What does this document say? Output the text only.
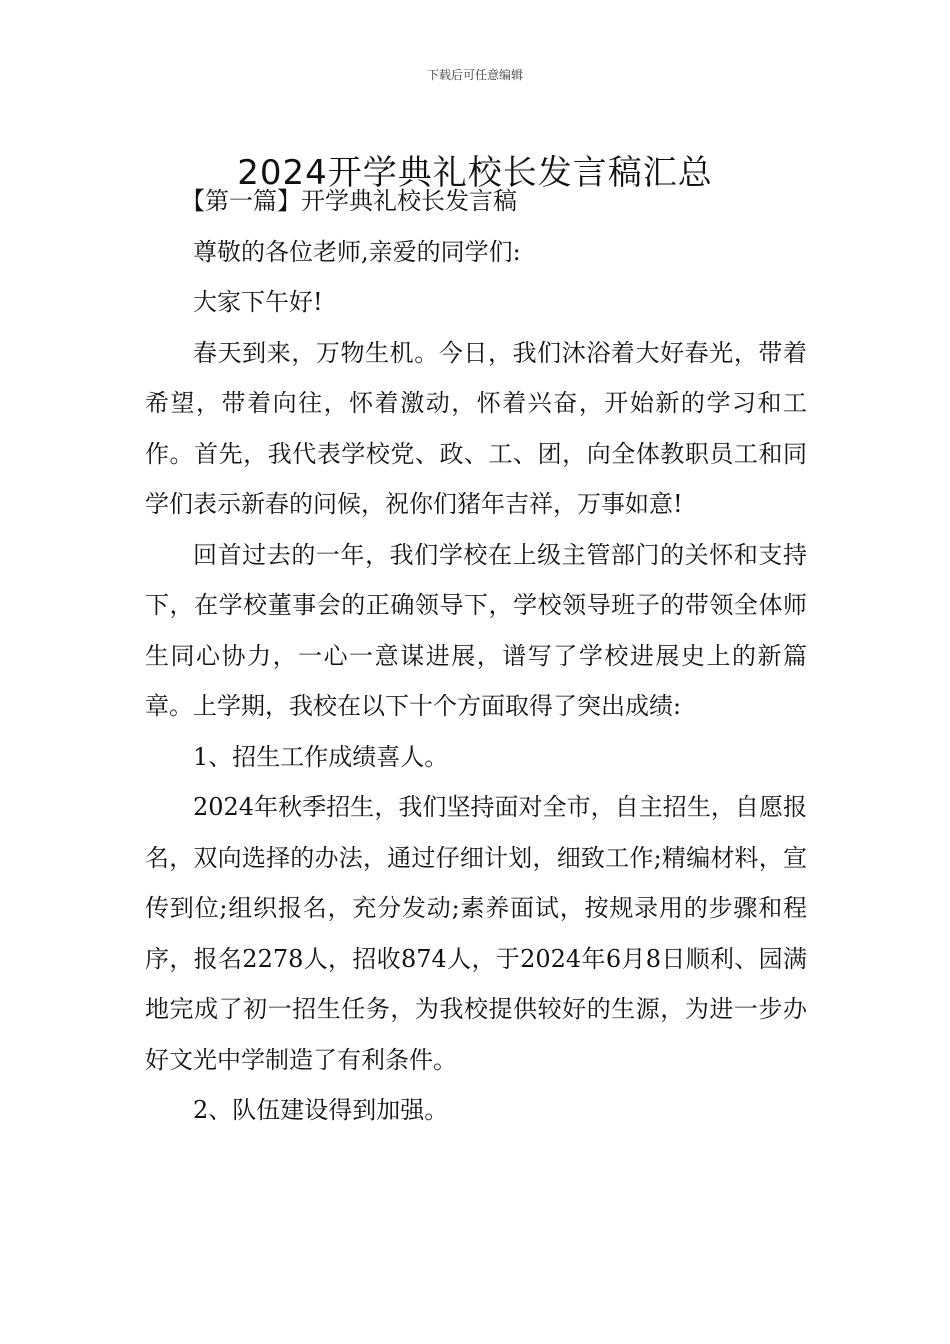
下载后可任意编辑
2024开学典礼校长发言稿汇总

【第一篇】开学典礼校长发言稿

尊敬的各位老师,亲爱的同学们:

大家下午好!

春天到来，万物生机。今日，我们沐浴着大好春光，带着希望，带着向往，怀着激动，怀着兴奋，开始新的学习和工作。首先，我代表学校党、政、工、团，向全体教职员工和同学们表示新春的问候，祝你们猪年吉祥，万事如意!

回首过去的一年，我们学校在上级主管部门的关怀和支持下，在学校董事会的正确领导下，学校领导班子的带领全体师生同心协力，一心一意谋进展，谱写了学校进展史上的新篇章。上学期，我校在以下十个方面取得了突出成绩:

1、招生工作成绩喜人。

2024年秋季招生，我们坚持面对全市，自主招生，自愿报名，双向选择的办法，通过仔细计划，细致工作;精编材料，宣传到位;组织报名，充分发动;素养面试，按规录用的步骤和程序，报名2278人，招收874人，于2024年6月8日顺利、园满地完成了初一招生任务，为我校提供较好的生源，为进一步办好文光中学制造了有利条件。

2、队伍建设得到加强。
